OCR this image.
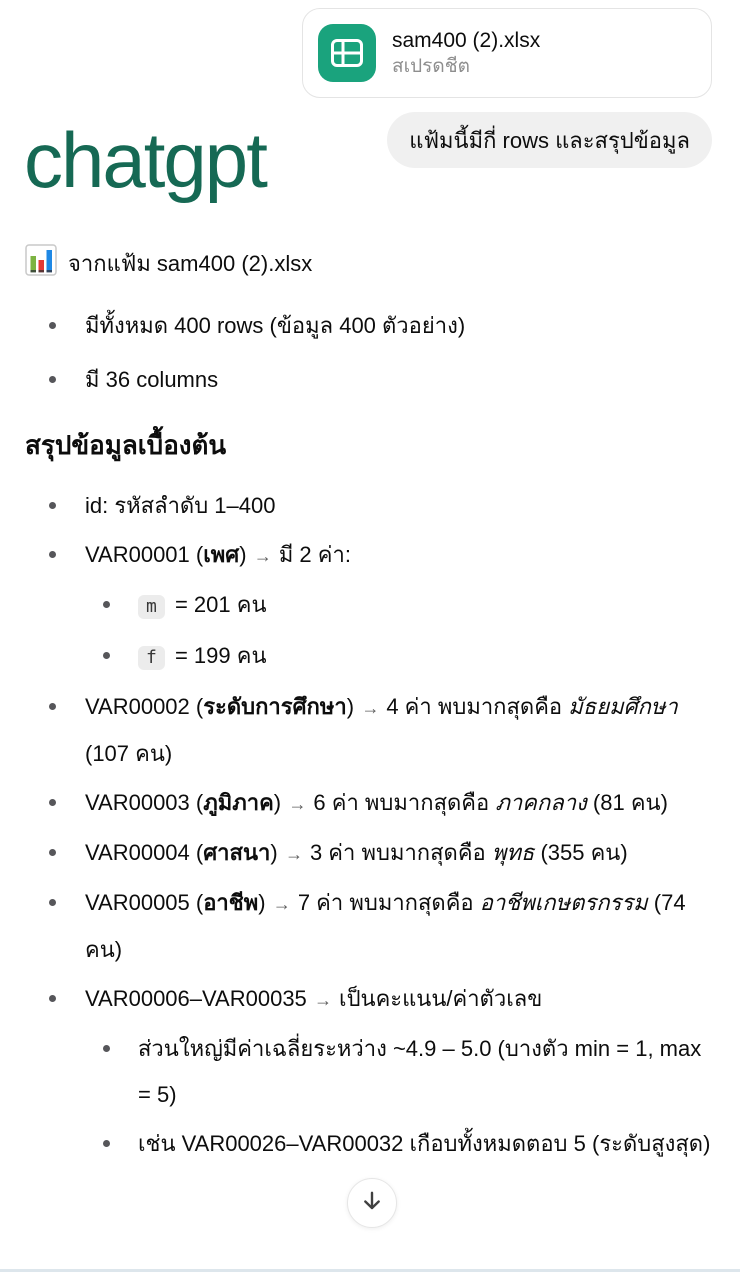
sam400 (2).xlsx
สเปรดชีต
แฟ้มนี้มีกี่ rows และสรุปข้อมูล
chatgpt
จากแฟ้ม sam400 (2).xlsx
มีทั้งหมด 400 rows (ข้อมูล 400 ตัวอย่าง)
มี 36 columns
สรุปข้อมูลเบื้องต้น
id: รหัสลำดับ 1–400
VAR00001 (เพศ) → มี 2 ค่า:
m = 201 คน
f = 199 คน
VAR00002 (ระดับการศึกษา) → 4 ค่า พบมากสุดคือ มัธยมศึกษา (107 คน)
VAR00003 (ภูมิภาค) → 6 ค่า พบมากสุดคือ ภาคกลาง (81 คน)
VAR00004 (ศาสนา) → 3 ค่า พบมากสุดคือ พุทธ (355 คน)
VAR00005 (อาชีพ) → 7 ค่า พบมากสุดคือ อาชีพเกษตรกรรม (74 คน)
VAR00006–VAR00035 → เป็นคะแนน/ค่าตัวเลข
ส่วนใหญ่มีค่าเฉลี่ยระหว่าง ~4.9 – 5.0 (บางตัว min = 1, max = 5)
เช่น VAR00026–VAR00032 เกือบทั้งหมดตอบ 5 (ระดับสูงสุด)
